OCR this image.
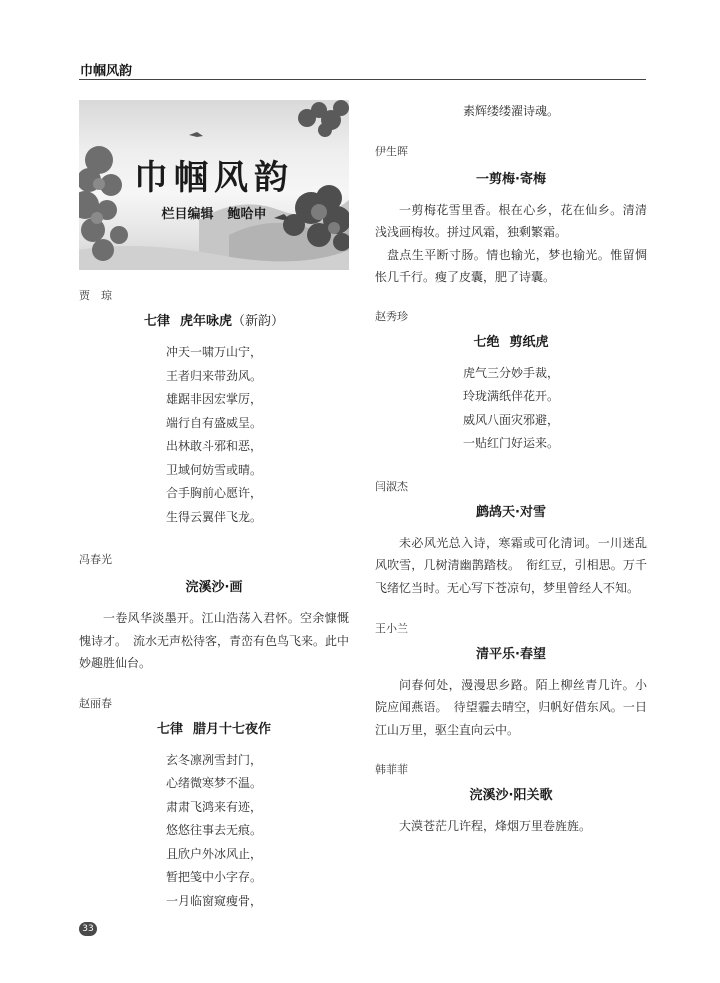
巾帼风韵
巾帼风韵
栏目编辑 鲍哈申

贾　琼

七律 虎年咏虎（新韵）

冲天一啸万山宁，
王者归来带劲风。
雄踞非因宏掌厉，
端行自有盛威呈。
出林敢斗邪和恶，
卫域何妨雪或晴。
合手胸前心愿许，
生得云翼伴飞龙。

冯春光

浣溪沙·画

一卷风华淡墨开。江山浩荡入君怀。空余慷慨愧诗才。　流水无声松待客，青峦有色鸟飞来。此中妙趣胜仙台。

赵丽春

七律 腊月十七夜作

玄冬凛冽雪封门，
心绪微寒梦不温。
肃肃飞鸿来有迹，
悠悠往事去无痕。
且欣户外冰风止，
暂把笺中小字存。
一月临窗窥瘦骨，
素辉缕缕濯诗魂。

伊生晖

一剪梅·寄梅

一剪梅花雪里香。根在心乡，花在仙乡。清清浅浅画梅妆。拼过风霜，独剩繁霜。

盘点生平断寸肠。情也输光，梦也输光。惟留惆怅几千行。瘦了皮囊，肥了诗囊。

赵秀珍

七绝 剪纸虎

虎气三分妙手裁，
玲珑满纸伴花开。
威风八面灾邪避，
一贴红门好运来。

闫淑杰

鹧鸪天·对雪

未必风光总入诗，寒霜或可化清词。一川迷乱风吹雪，几树清幽鹊踏枝。　衔红豆，引相思。万千飞绪忆当时。无心写下苍凉句，梦里曾经人不知。

王小兰

清平乐·春望

问春何处，漫漫思乡路。陌上柳丝青几许。小院应闻燕语。　待望霾去晴空，归帆好借东风。一日江山万里，驱尘直向云中。

韩菲菲

浣溪沙·阳关歌

大漠苍茫几许程，烽烟万里卷旌旌。

33
